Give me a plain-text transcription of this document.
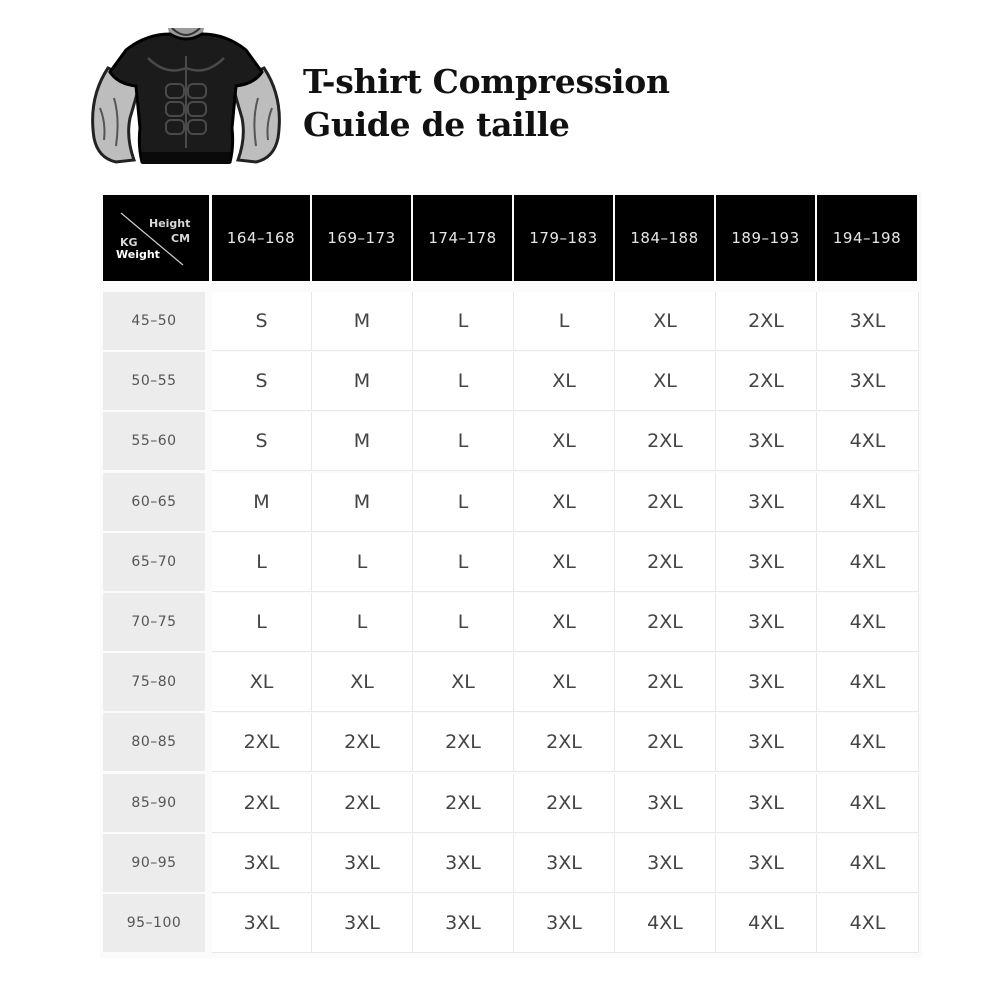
T-shirt Compression
Guide de taille
Height
CM
KG
Weight
164–168	169–173	174–178	179–183	184–188	189–193	194–198
45–50	S	M	L	L	XL	2XL	3XL
50–55	S	M	L	XL	XL	2XL	3XL
55–60	S	M	L	XL	2XL	3XL	4XL
60–65	M	M	L	XL	2XL	3XL	4XL
65–70	L	L	L	XL	2XL	3XL	4XL
70–75	L	L	L	XL	2XL	3XL	4XL
75–80	XL	XL	XL	XL	2XL	3XL	4XL
80–85	2XL	2XL	2XL	2XL	2XL	3XL	4XL
85–90	2XL	2XL	2XL	2XL	3XL	3XL	4XL
90–95	3XL	3XL	3XL	3XL	3XL	3XL	4XL
95–100	3XL	3XL	3XL	3XL	4XL	4XL	4XL
